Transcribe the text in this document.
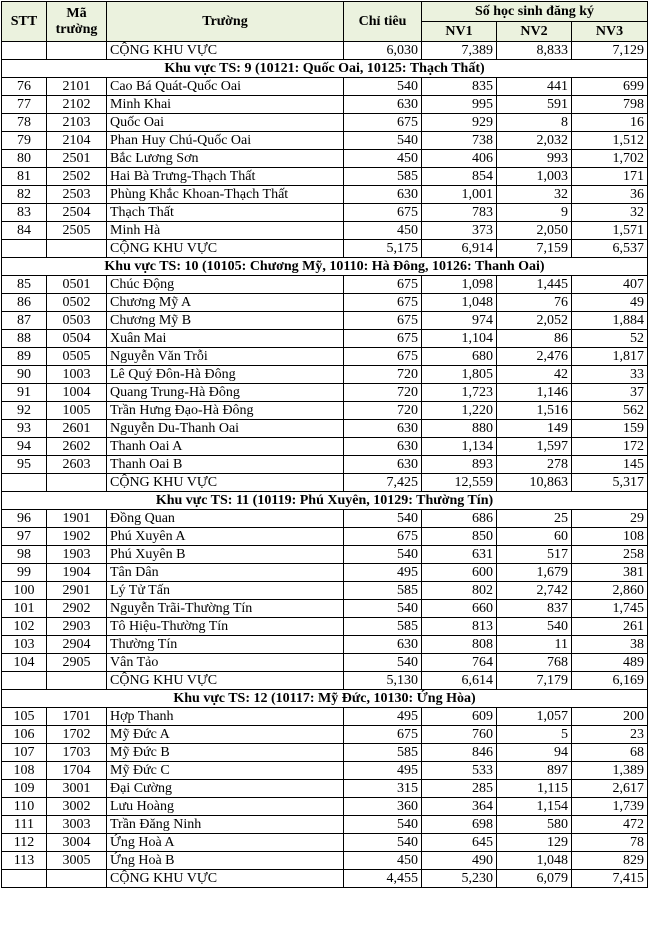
STT	Mã trường	Trường	Chỉ tiêu	Số học sinh đăng ký		
				NV1	NV2	NV3
		CỘNG KHU VỰC	6,030	7,389	8,833	7,129
Khu vực TS: 9 (10121: Quốc Oai, 10125: Thạch Thất)						
76	2101	Cao Bá Quát-Quốc Oai	540	835	441	699
77	2102	Minh Khai	630	995	591	798
78	2103	Quốc Oai	675	929	8	16
79	2104	Phan Huy Chú-Quốc Oai	540	738	2,032	1,512
80	2501	Bắc Lương Sơn	450	406	993	1,702
81	2502	Hai Bà Trưng-Thạch Thất	585	854	1,003	171
82	2503	Phùng Khắc Khoan-Thạch Thất	630	1,001	32	36
83	2504	Thạch Thất	675	783	9	32
84	2505	Minh Hà	450	373	2,050	1,571
		CỘNG KHU VỰC	5,175	6,914	7,159	6,537
Khu vực TS: 10 (10105: Chương Mỹ, 10110: Hà Đông, 10126: Thanh Oai)						
85	0501	Chúc Động	675	1,098	1,445	407
86	0502	Chương Mỹ A	675	1,048	76	49
87	0503	Chương Mỹ B	675	974	2,052	1,884
88	0504	Xuân Mai	675	1,104	86	52
89	0505	Nguyễn Văn Trỗi	675	680	2,476	1,817
90	1003	Lê Quý Đôn-Hà Đông	720	1,805	42	33
91	1004	Quang Trung-Hà Đông	720	1,723	1,146	37
92	1005	Trần Hưng Đạo-Hà Đông	720	1,220	1,516	562
93	2601	Nguyễn Du-Thanh Oai	630	880	149	159
94	2602	Thanh Oai A	630	1,134	1,597	172
95	2603	Thanh Oai B	630	893	278	145
		CỘNG KHU VỰC	7,425	12,559	10,863	5,317
Khu vực TS: 11 (10119: Phú Xuyên, 10129: Thường Tín)						
96	1901	Đồng Quan	540	686	25	29
97	1902	Phú Xuyên A	675	850	60	108
98	1903	Phú Xuyên B	540	631	517	258
99	1904	Tân Dân	495	600	1,679	381
100	2901	Lý Tử Tấn	585	802	2,742	2,860
101	2902	Nguyễn Trãi-Thường Tín	540	660	837	1,745
102	2903	Tô Hiệu-Thường Tín	585	813	540	261
103	2904	Thường Tín	630	808	11	38
104	2905	Vân Tảo	540	764	768	489
		CỘNG KHU VỰC	5,130	6,614	7,179	6,169
Khu vực TS: 12 (10117: Mỹ Đức, 10130: Ứng Hòa)						
105	1701	Hợp Thanh	495	609	1,057	200
106	1702	Mỹ Đức A	675	760	5	23
107	1703	Mỹ Đức B	585	846	94	68
108	1704	Mỹ Đức C	495	533	897	1,389
109	3001	Đại Cường	315	285	1,115	2,617
110	3002	Lưu Hoàng	360	364	1,154	1,739
111	3003	Trần Đăng Ninh	540	698	580	472
112	3004	Ứng Hoà A	540	645	129	78
113	3005	Ứng Hoà B	450	490	1,048	829
		CỘNG KHU VỰC	4,455	5,230	6,079	7,415
